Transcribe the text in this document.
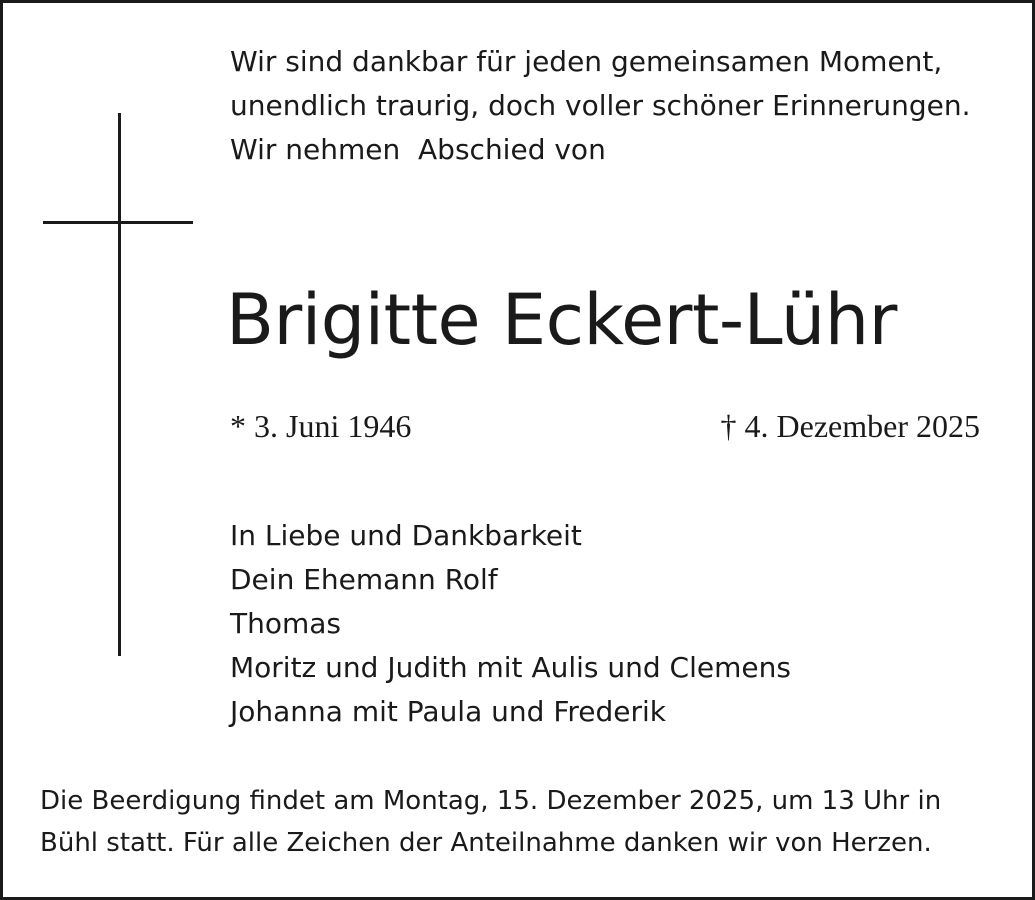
Wir sind dankbar für jeden gemeinsamen Moment,
unendlich traurig, doch voller schöner Erinnerungen.
Wir nehmen  Abschied von
Brigitte Eckert-Lühr
* 3. Juni 1946	† 4. Dezember 2025
In Liebe und Dankbarkeit
Dein Ehemann Rolf
Thomas
Moritz und Judith mit Aulis und Clemens
Johanna mit Paula und Frederik
Die Beerdigung findet am Montag, 15. Dezember 2025, um 13 Uhr in
Bühl statt. Für alle Zeichen der Anteilnahme danken wir von Herzen.
